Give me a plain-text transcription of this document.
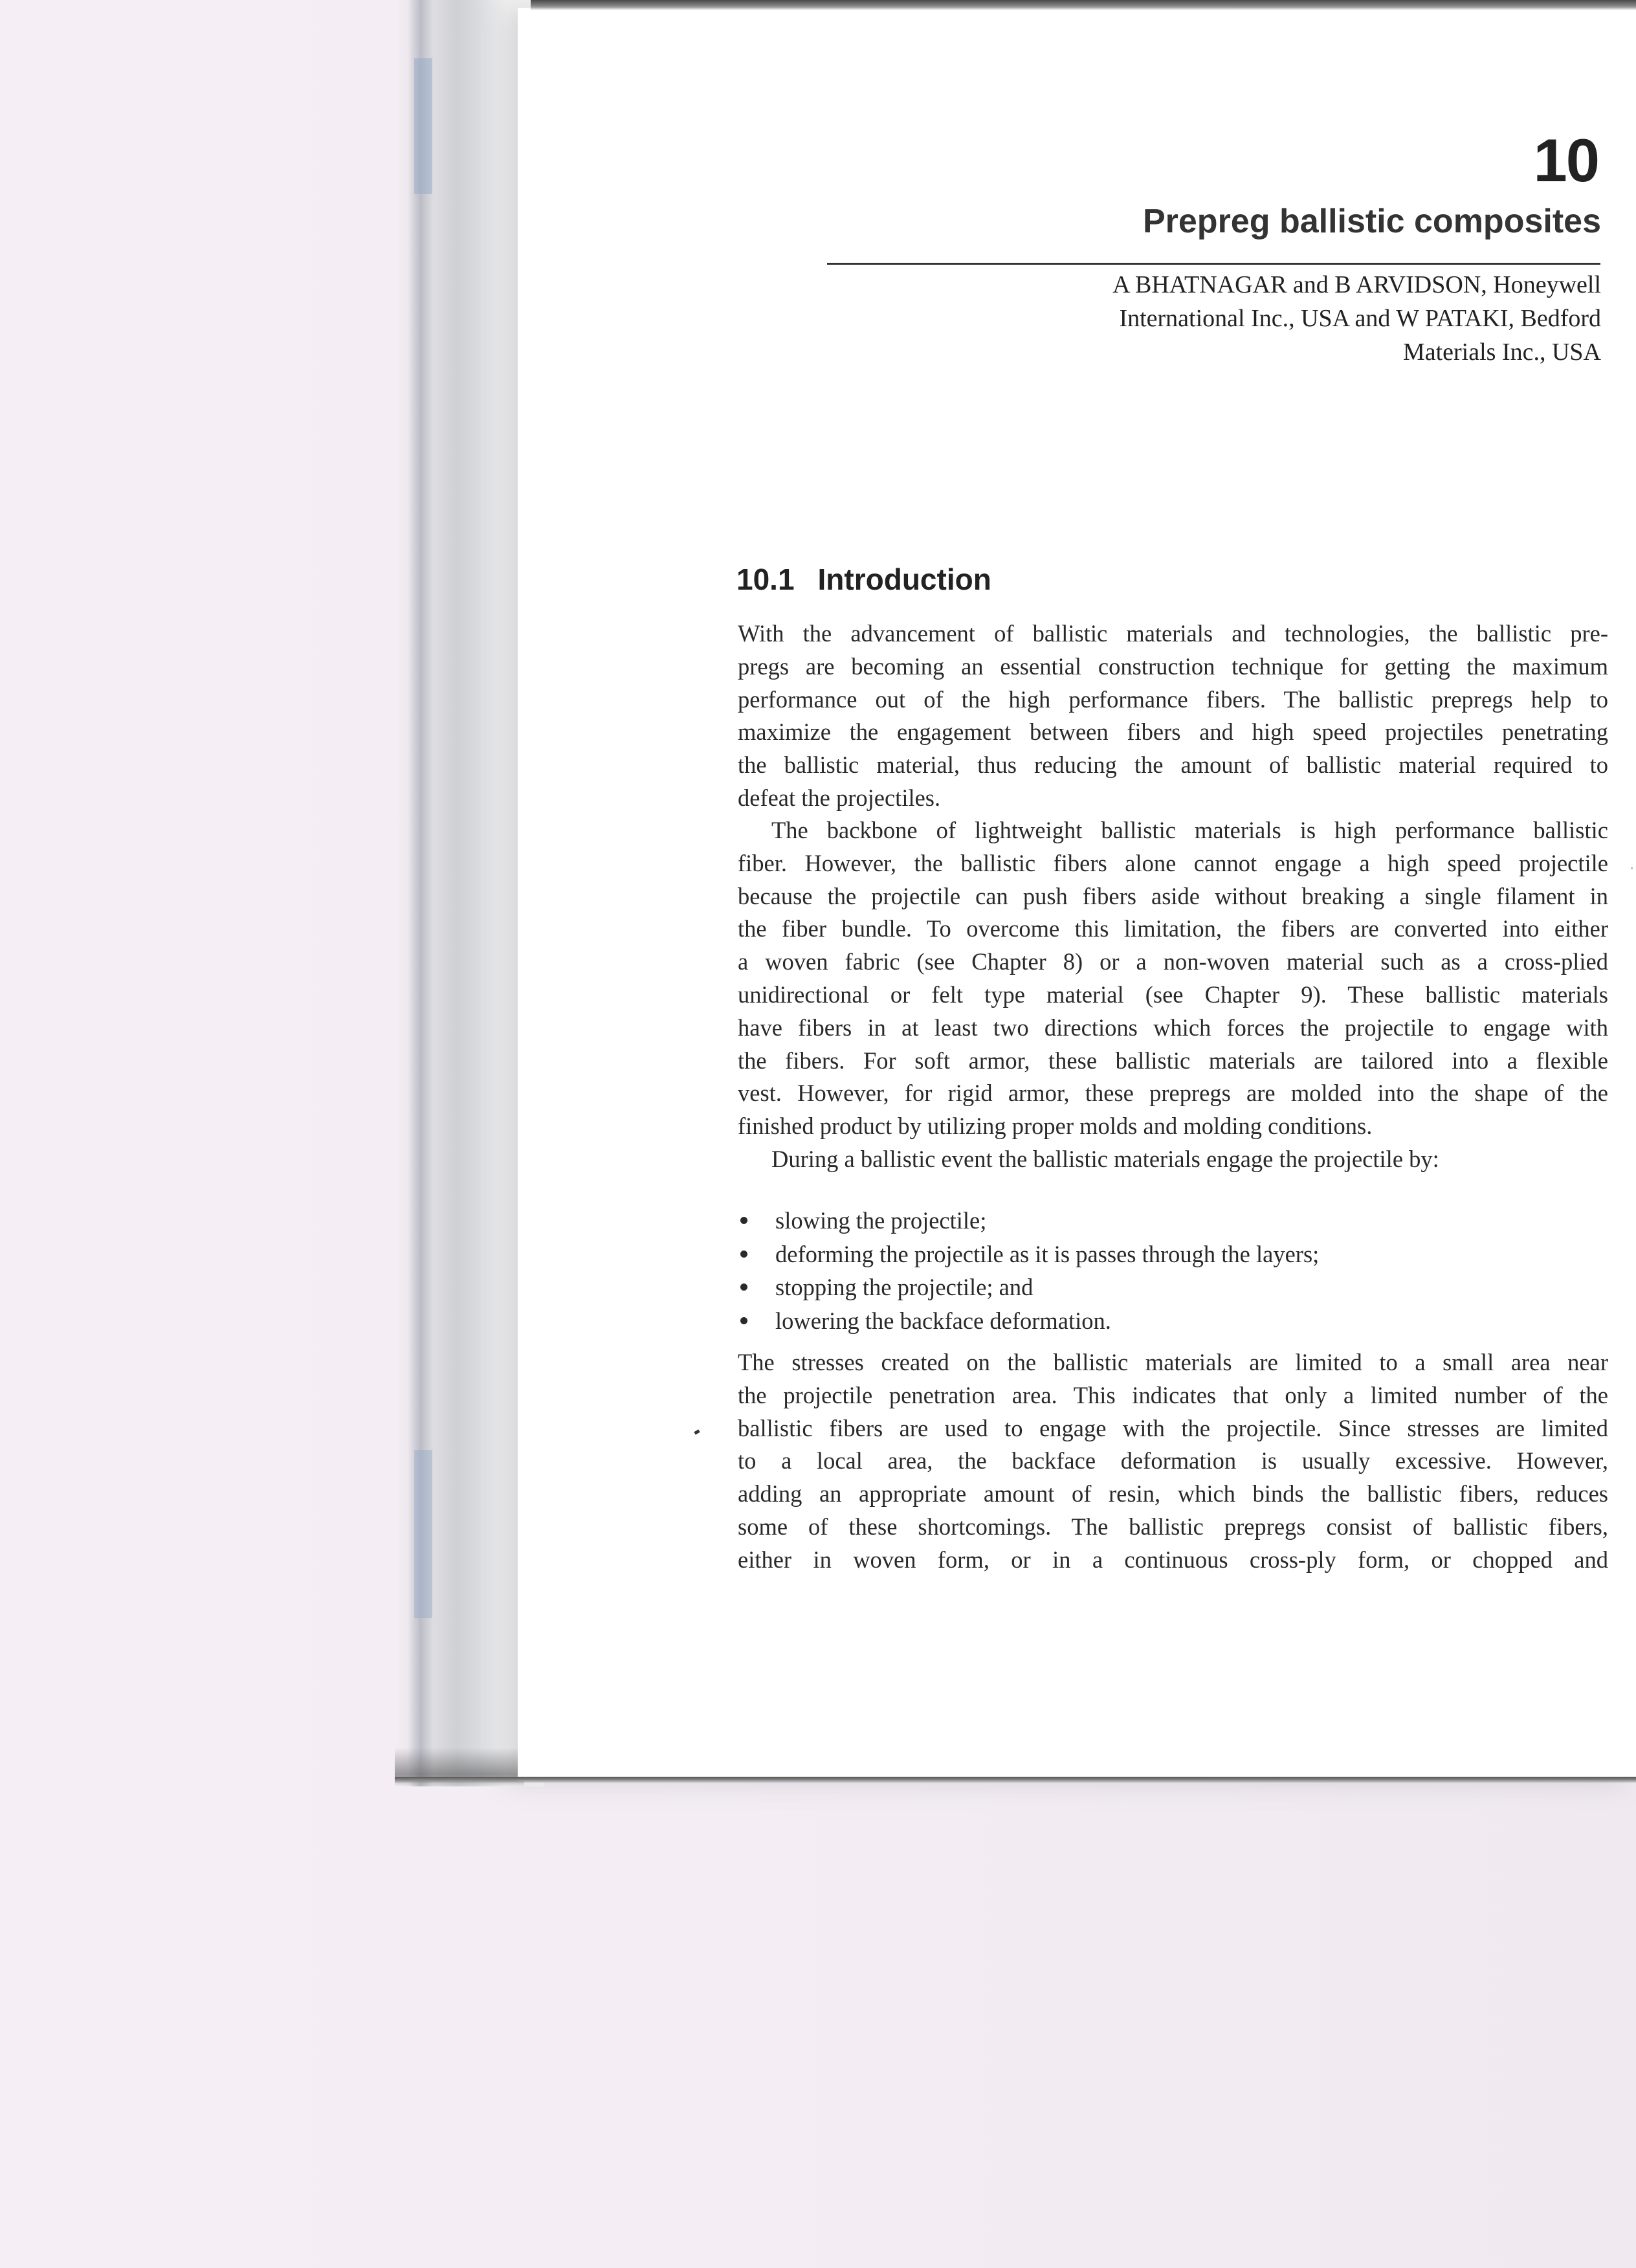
10
Prepreg ballistic composites

A BHATNAGAR and B ARVIDSON, Honeywell

International Inc., USA and W PATAKI, Bedford

Materials Inc., USA

10.1 Introduction

With the advancement of ballistic materials and technologies, the ballistic pre-
pregs are becoming an essential construction technique for getting the maximum
performance out of the high performance fibers. The ballistic prepregs help to
maximize the engagement between fibers and high speed projectiles penetrating
the ballistic material, thus reducing the amount of ballistic material required to
defeat the projectiles.

The backbone of lightweight ballistic materials is high performance ballistic
fiber. However, the ballistic fibers alone cannot engage a high speed projectile
because the projectile can push fibers aside without breaking a single filament in
the fiber bundle. To overcome this limitation, the fibers are converted into either
a woven fabric (see Chapter 8) or a non-woven material such as a cross-plied
unidirectional or felt type material (see Chapter 9). These ballistic materials
have fibers in at least two directions which forces the projectile to engage with
the fibers. For soft armor, these ballistic materials are tailored into a flexible
vest. However, for rigid armor, these prepregs are molded into the shape of the
finished product by utilizing proper molds and molding conditions.

During a ballistic event the ballistic materials engage the projectile by:

slowing the projectile;
deforming the projectile as it is passes through the layers;
stopping the projectile; and
lowering the backface deformation.

The stresses created on the ballistic materials are limited to a small area near
the projectile penetration area. This indicates that only a limited number of the
ballistic fibers are used to engage with the projectile. Since stresses are limited
to a local area, the backface deformation is usually excessive. However,
adding an appropriate amount of resin, which binds the ballistic fibers, reduces
some of these shortcomings. The ballistic prepregs consist of ballistic fibers,
either in woven form, or in a continuous cross-ply form, or chopped and
